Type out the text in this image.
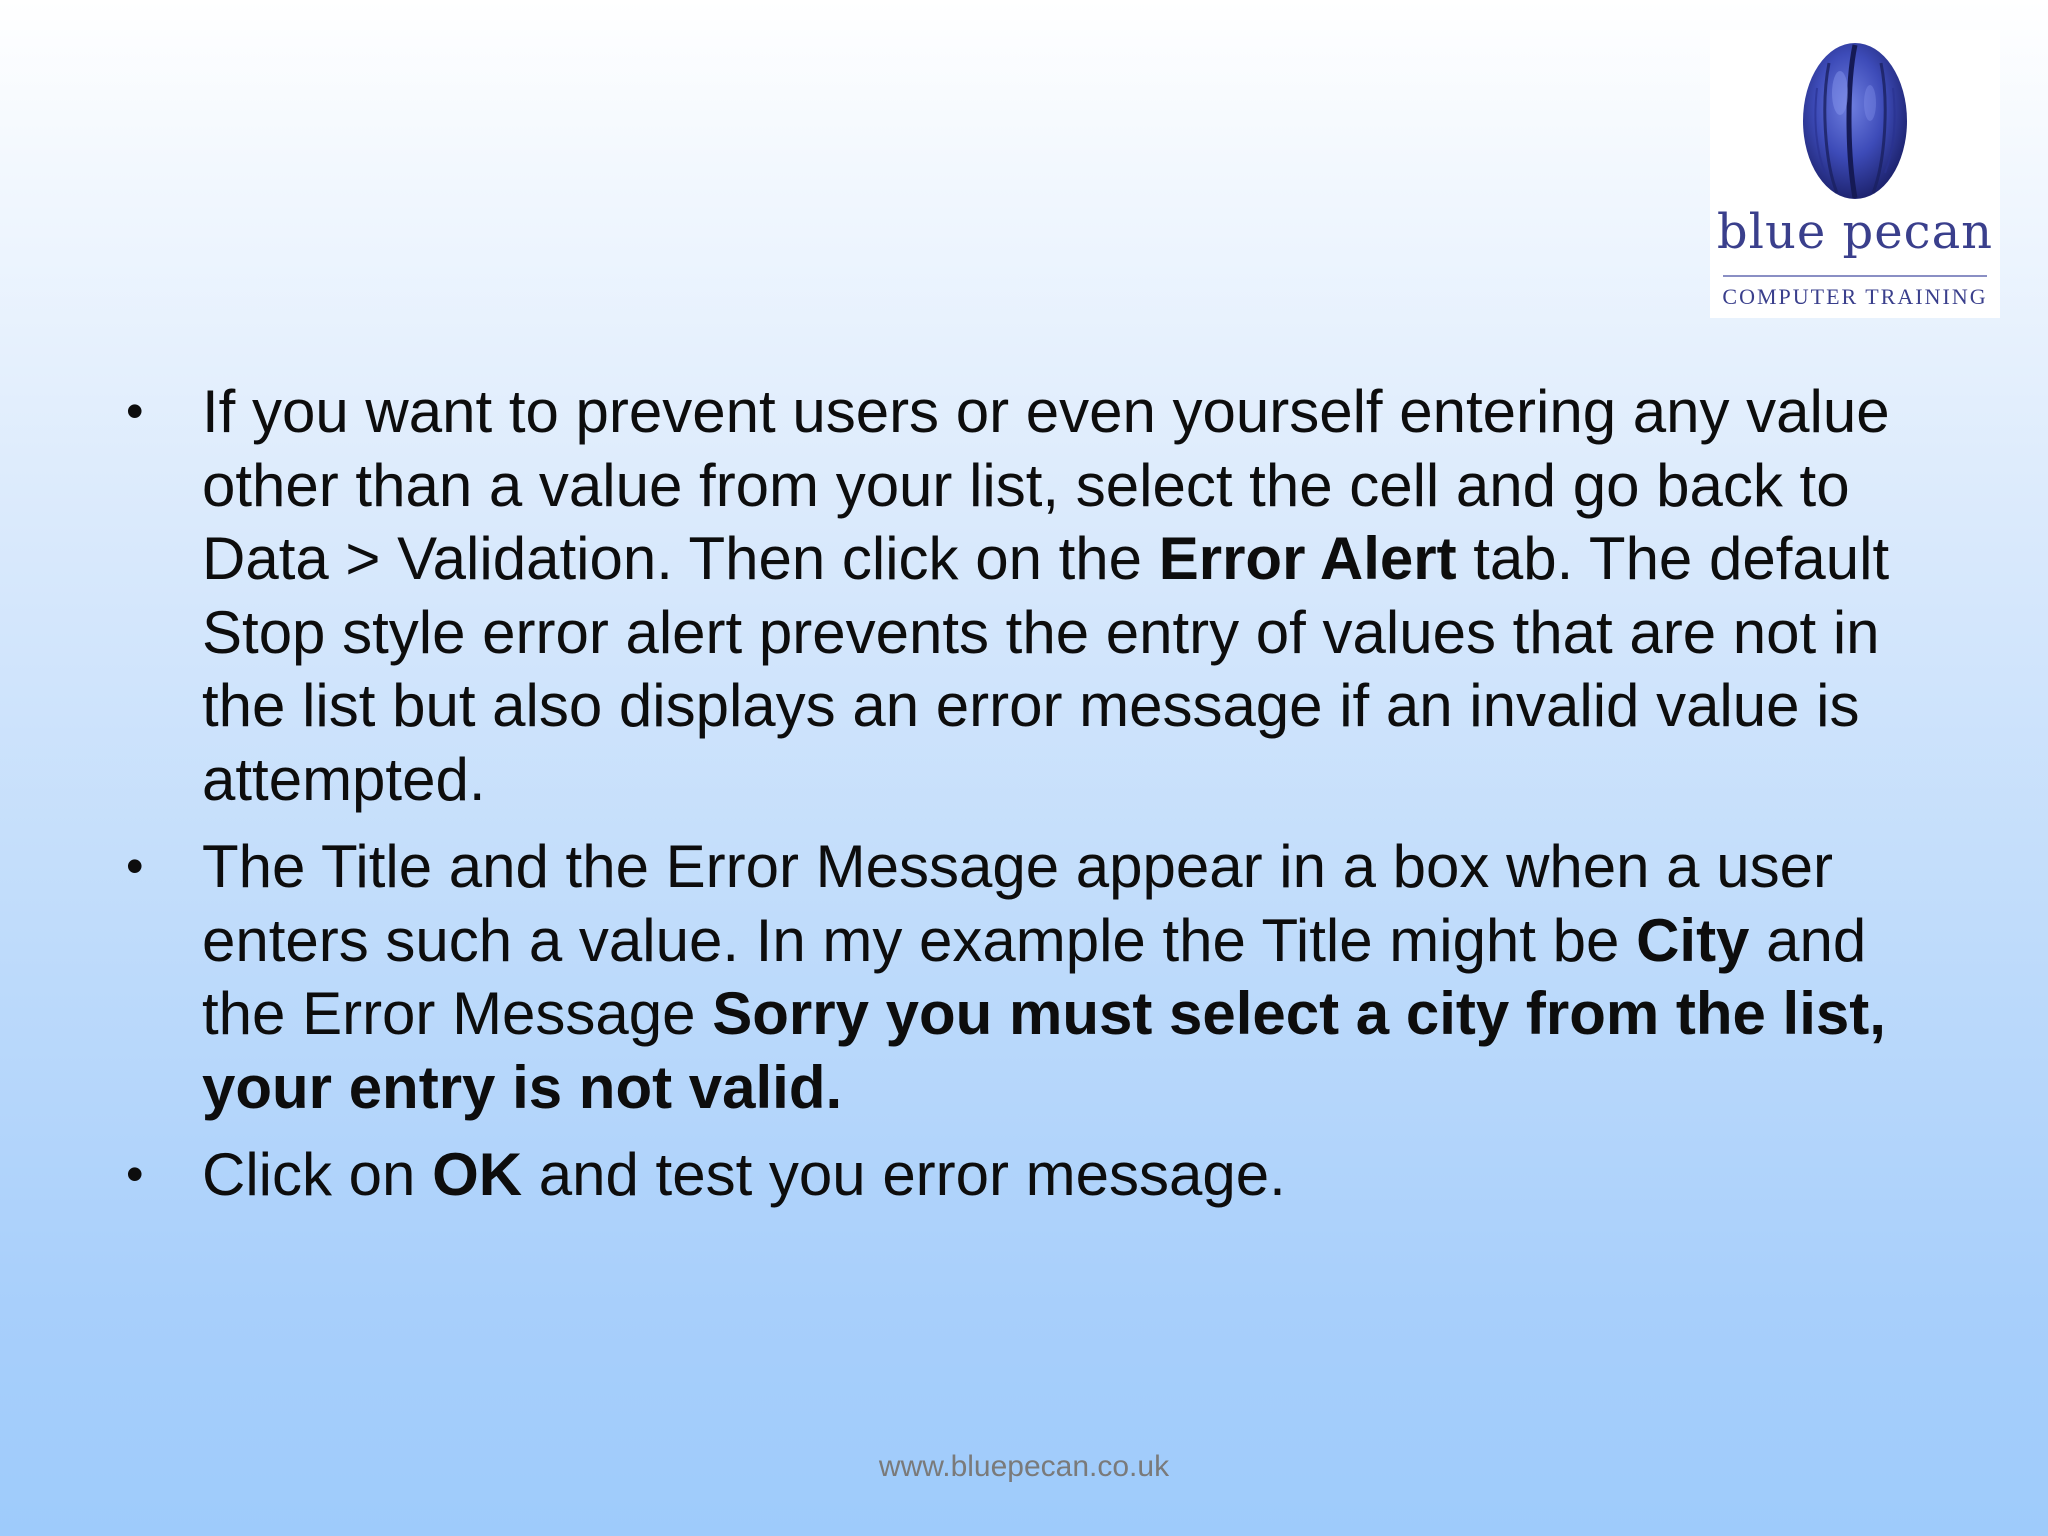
blue pecan
COMPUTER TRAINING
• If you want to prevent users or even yourself entering any value other than a value from your list, select the cell and go back to Data > Validation. Then click on the Error Alert tab. The default Stop style error alert prevents the entry of values that are not in the list but also displays an error message if an invalid value is attempted.
• The Title and the Error Message appear in a box when a user enters such a value. In my example the Title might be City and the Error Message Sorry you must select a city from the list, your entry is not valid.
• Click on OK and test you error message.
www.bluepecan.co.uk
